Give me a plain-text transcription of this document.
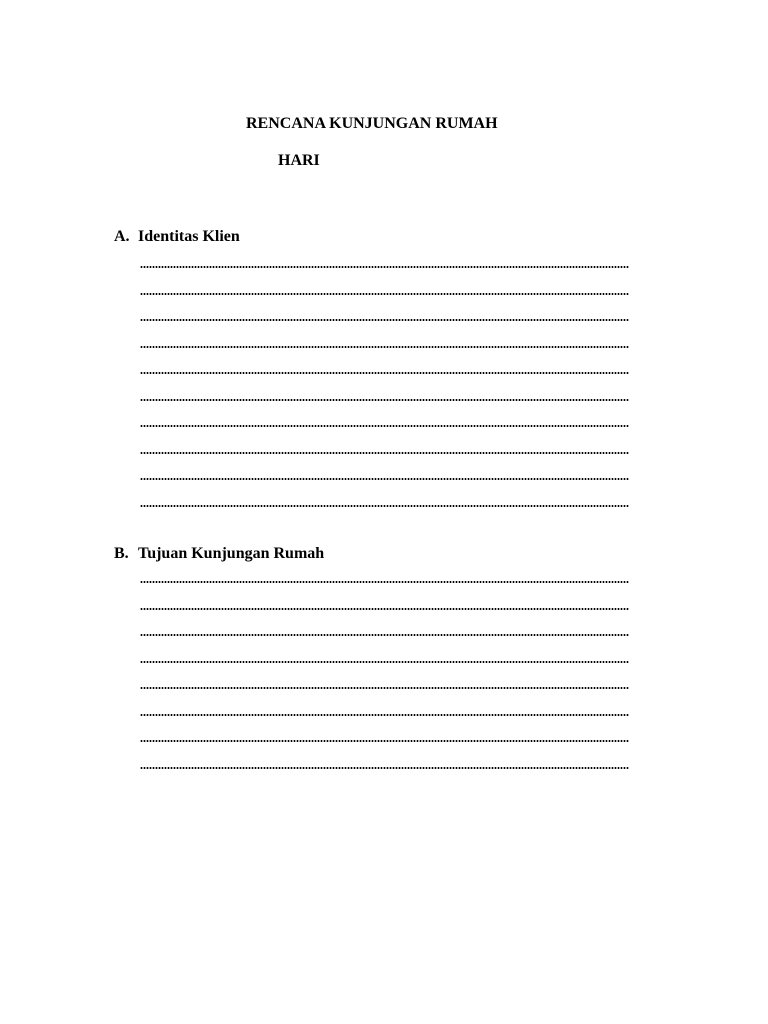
RENCANA KUNJUNGAN RUMAH
HARI
A. Identitas Klien
B. Tujuan Kunjungan Rumah
